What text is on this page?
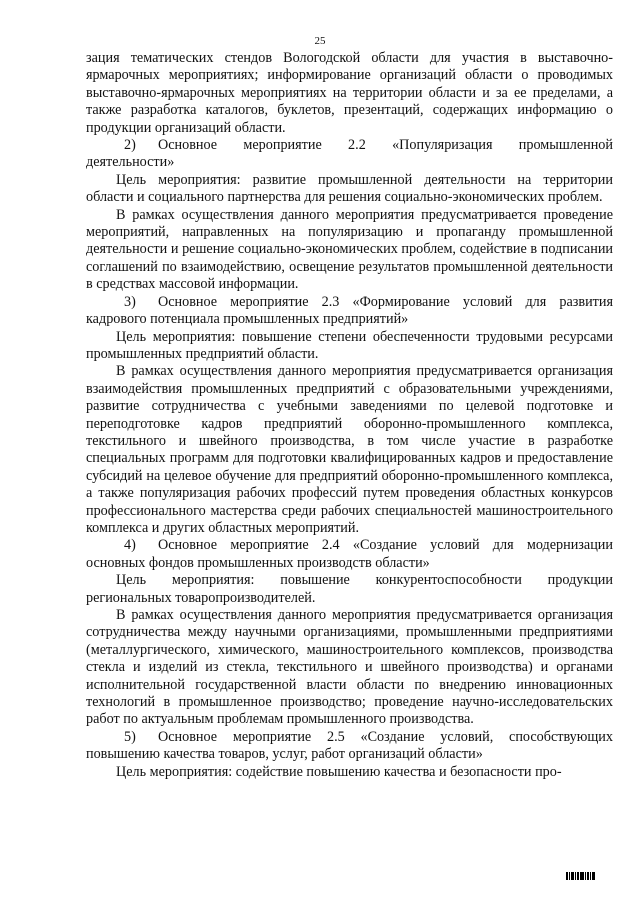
25

зация тематических стендов Вологодской области для участия в выставочно-ярмарочных мероприятиях; информирование организаций области о проводимых выставочно-ярмарочных мероприятиях на территории области и за ее пределами, а также разработка каталогов, буклетов, презентаций, содержащих информацию о продукции организаций области.

2) Основное мероприятие 2.2 «Популяризация промышленной деятельности»

Цель мероприятия: развитие промышленной деятельности на территории области и социального партнерства для решения социально-экономических проблем.

В рамках осуществления данного мероприятия предусматривается проведение мероприятий, направленных на популяризацию и пропаганду промышленной деятельности и решение социально-экономических проблем, содействие в подписании соглашений по взаимодействию, освещение результатов промышленной деятельности в средствах массовой информации.

3) Основное мероприятие 2.3 «Формирование условий для развития кадрового потенциала промышленных предприятий»

Цель мероприятия: повышение степени обеспеченности трудовыми ресурсами промышленных предприятий области.

В рамках осуществления данного мероприятия предусматривается организация взаимодействия промышленных предприятий с образовательными учреждениями, развитие сотрудничества с учебными заведениями по целевой подготовке и переподготовке кадров предприятий оборонно-промышленного комплекса, текстильного и швейного производства, в том числе участие в разработке специальных программ для подготовки квалифицированных кадров и предоставление субсидий на целевое обучение для предприятий оборонно-промышленного комплекса, а также популяризация рабочих профессий путем проведения областных конкурсов профессионального мастерства среди рабочих специальностей машиностроительного комплекса и других областных мероприятий.

4) Основное мероприятие 2.4 «Создание условий для модернизации основных фондов промышленных производств области»

Цель мероприятия: повышение конкурентоспособности продукции региональных товаропроизводителей.

В рамках осуществления данного мероприятия предусматривается организация сотрудничества между научными организациями, промышленными предприятиями (металлургического, химического, машиностроительного комплексов, производства стекла и изделий из стекла, текстильного и швейного производства) и органами исполнительной государственной власти области по внедрению инновационных технологий в промышленное производство; проведение научно-исследовательских работ по актуальным проблемам промышленного производства.

5) Основное мероприятие 2.5 «Создание условий, способствующих повышению качества товаров, услуг, работ организаций области»

Цель мероприятия: содействие повышению качества и безопасности про-
